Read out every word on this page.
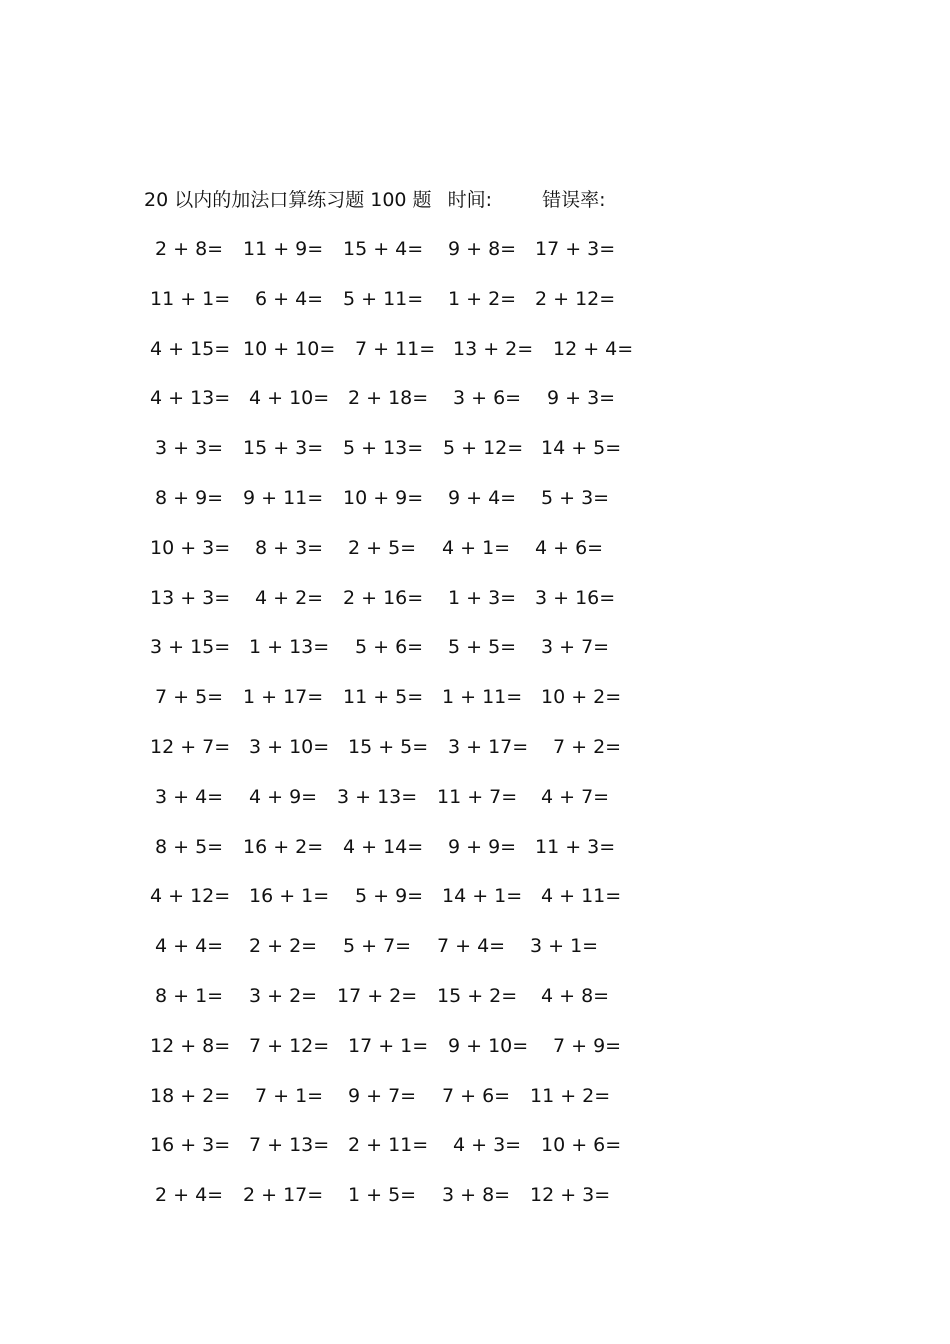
20 以内的加法口算练习题 100 题 时间:	错误率:
2 + 8= 11 + 9= 15 + 4= 9 + 8= 17 + 3=
11 + 1= 6 + 4= 5 + 11= 1 + 2= 2 + 12=
4 + 15= 10 + 10= 7 + 11= 13 + 2= 12 + 4=
4 + 13= 4 + 10= 2 + 18= 3 + 6= 9 + 3=
3 + 3= 15 + 3= 5 + 13= 5 + 12= 14 + 5=
8 + 9= 9 + 11= 10 + 9= 9 + 4= 5 + 3=
10 + 3= 8 + 3= 2 + 5= 4 + 1= 4 + 6=
13 + 3= 4 + 2= 2 + 16= 1 + 3= 3 + 16=
3 + 15= 1 + 13= 5 + 6= 5 + 5= 3 + 7=
7 + 5= 1 + 17= 11 + 5= 1 + 11= 10 + 2=
12 + 7= 3 + 10= 15 + 5= 3 + 17= 7 + 2=
3 + 4= 4 + 9= 3 + 13= 11 + 7= 4 + 7=
8 + 5= 16 + 2= 4 + 14= 9 + 9= 11 + 3=
4 + 12= 16 + 1= 5 + 9= 14 + 1= 4 + 11=
4 + 4= 2 + 2= 5 + 7= 7 + 4= 3 + 1=
8 + 1= 3 + 2= 17 + 2= 15 + 2= 4 + 8=
12 + 8= 7 + 12= 17 + 1= 9 + 10= 7 + 9=
18 + 2= 7 + 1= 9 + 7= 7 + 6= 11 + 2=
16 + 3= 7 + 13= 2 + 11= 4 + 3= 10 + 6=
2 + 4= 2 + 17= 1 + 5= 3 + 8= 12 + 3=
